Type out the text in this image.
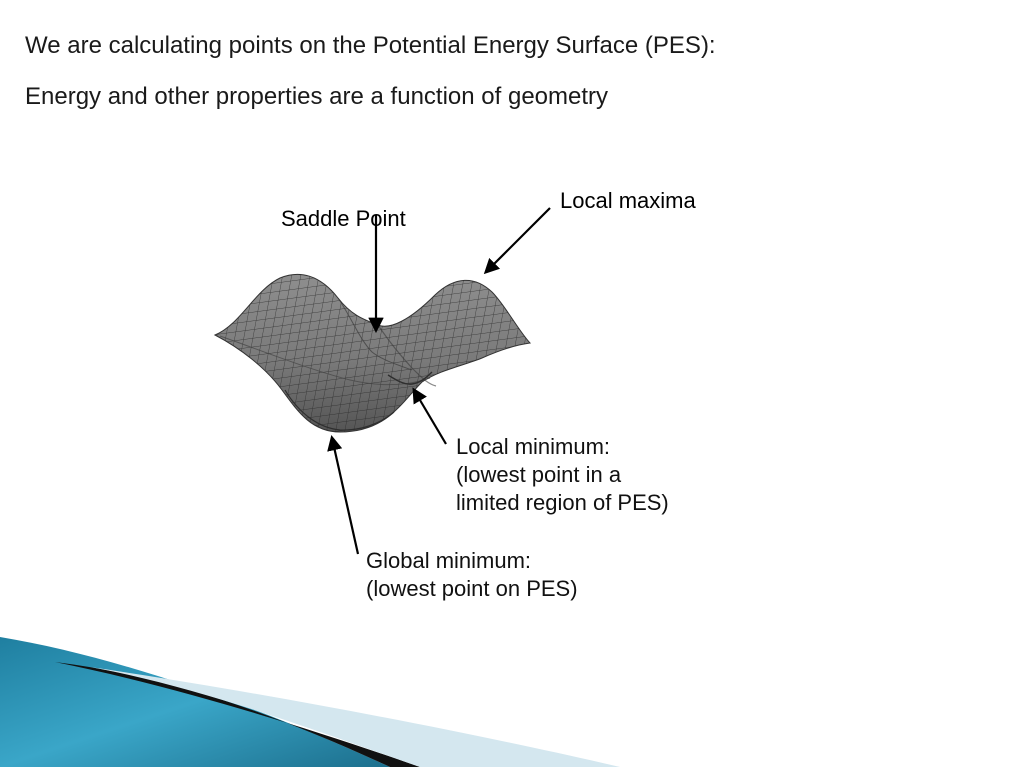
We are calculating points on the Potential Energy Surface (PES):
Energy and other properties are a function of geometry
Saddle Point
Local maxima
Local minimum:
(lowest point in a
limited region of PES)
Global minimum:
(lowest point on PES)
